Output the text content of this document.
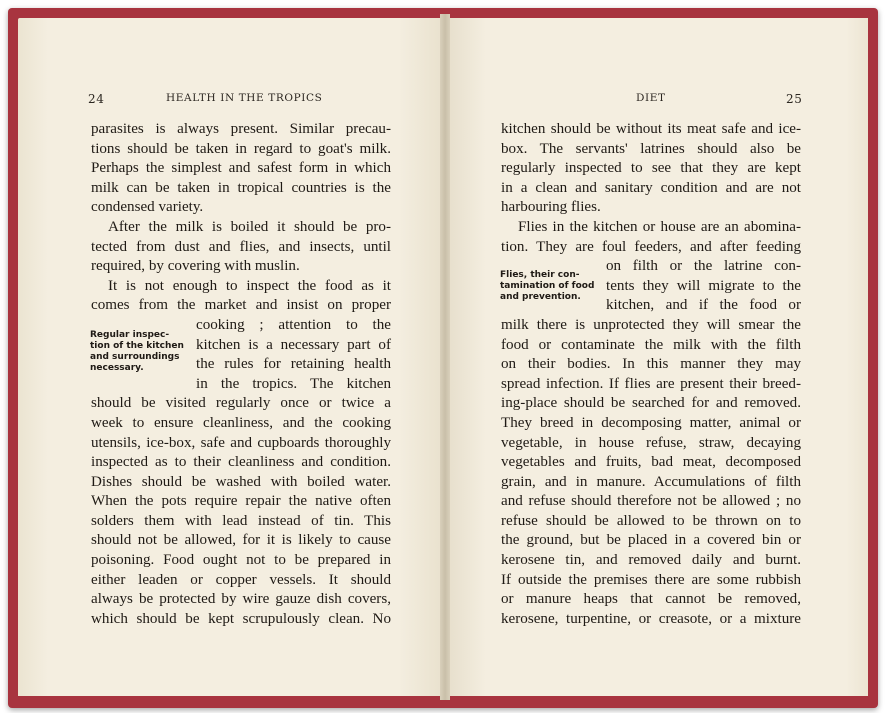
24	HEALTH IN THE TROPICS	DIET	25
Regular inspec-
tion of the kitchen
and surroundings
necessary.
parasites is always present. Similar precau-
tions should be taken in regard to goat's milk.
Perhaps the simplest and safest form in which
milk can be taken in tropical countries is the
condensed variety.
After the milk is boiled it should be pro-
tected from dust and flies, and insects, until
required, by covering with muslin.
It is not enough to inspect the food as it
comes from the market and insist on proper
cooking ; attention to the
kitchen is a necessary part of
the rules for retaining health
in the tropics. The kitchen
should be visited regularly once or twice a
week to ensure cleanliness, and the cooking
utensils, ice-box, safe and cupboards thoroughly
inspected as to their cleanliness and condition.
Dishes should be washed with boiled water.
When the pots require repair the native often
solders them with lead instead of tin. This
should not be allowed, for it is likely to cause
poisoning. Food ought not to be prepared in
either leaden or copper vessels. It should
always be protected by wire gauze dish covers,
which should be kept scrupulously clean. No
Flies, their con-
tamination of food
and prevention.
kitchen should be without its meat safe and ice-
box. The servants' latrines should also be
regularly inspected to see that they are kept
in a clean and sanitary condition and are not
harbouring flies.
Flies in the kitchen or house are an abomina-
tion. They are foul feeders, and after feeding
on filth or the latrine con-
tents they will migrate to the
kitchen, and if the food or
milk there is unprotected they will smear the
food or contaminate the milk with the filth
on their bodies. In this manner they may
spread infection. If flies are present their breed-
ing-place should be searched for and removed.
They breed in decomposing matter, animal or
vegetable, in house refuse, straw, decaying
vegetables and fruits, bad meat, decomposed
grain, and in manure. Accumulations of filth
and refuse should therefore not be allowed ; no
refuse should be allowed to be thrown on to
the ground, but be placed in a covered bin or
kerosene tin, and removed daily and burnt.
If outside the premises there are some rubbish
or manure heaps that cannot be removed,
kerosene, turpentine, or creasote, or a mixture
